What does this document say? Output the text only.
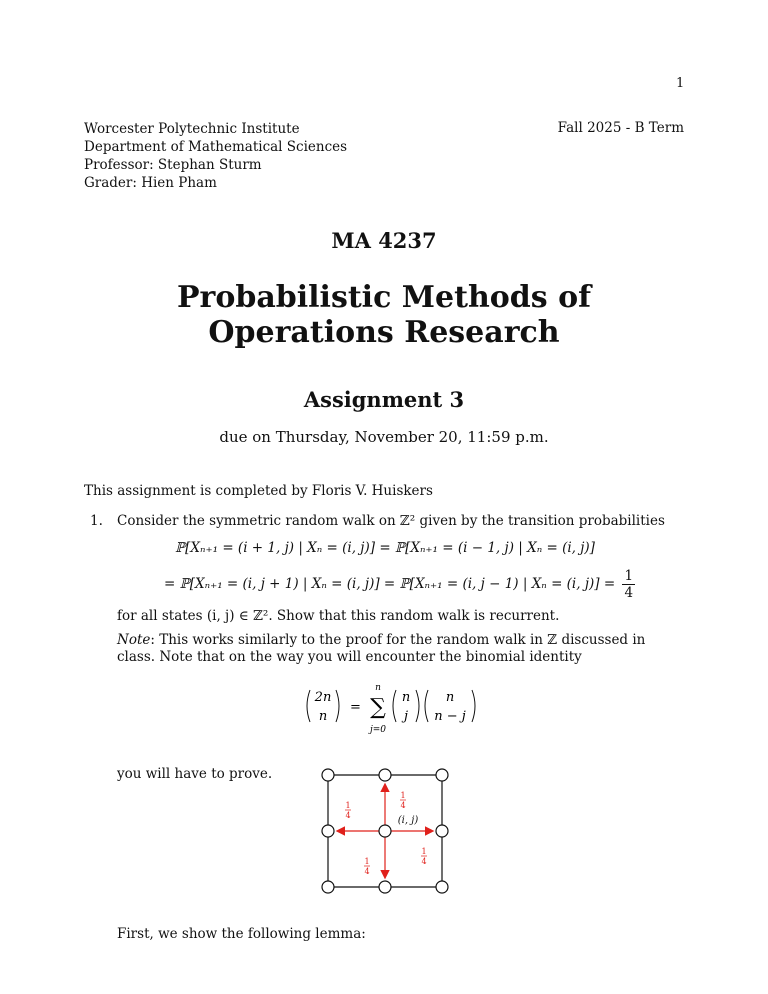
1
Worcester Polytechnic Institute
Department of Mathematical Sciences
Professor: Stephan Sturm
Grader: Hien Pham
Fall 2025 - B Term
MA 4237
Probabilistic Methods of
Operations Research
Assignment 3
due on Thursday, November 20, 11:59 p.m.
This assignment is completed by Floris V. Huiskers
1. Consider the symmetric random walk on ℤ² given by the transition probabilities
ℙ[Xₙ₊₁ = (i + 1, j) | Xₙ = (i, j)] = ℙ[Xₙ₊₁ = (i − 1, j) | Xₙ = (i, j)]
= ℙ[Xₙ₊₁ = (i, j + 1) | Xₙ = (i, j)] = ℙ[Xₙ₊₁ = (i, j − 1) | Xₙ = (i, $j)] = \frac{1}{4}$
for all states (i, j) ∈ ℤ². Show that this random walk is recurrent.
Note: This works similarly to the proof for the random walk in ℤ discussed in class. Note that on the way you will encounter the binomial identity
2n
n
=
n
∑
j=0
n
j
n
n − j
you will have to prove.
(i, j)
1
4
1
4
1
4
1
4
First, we show the following lemma:
